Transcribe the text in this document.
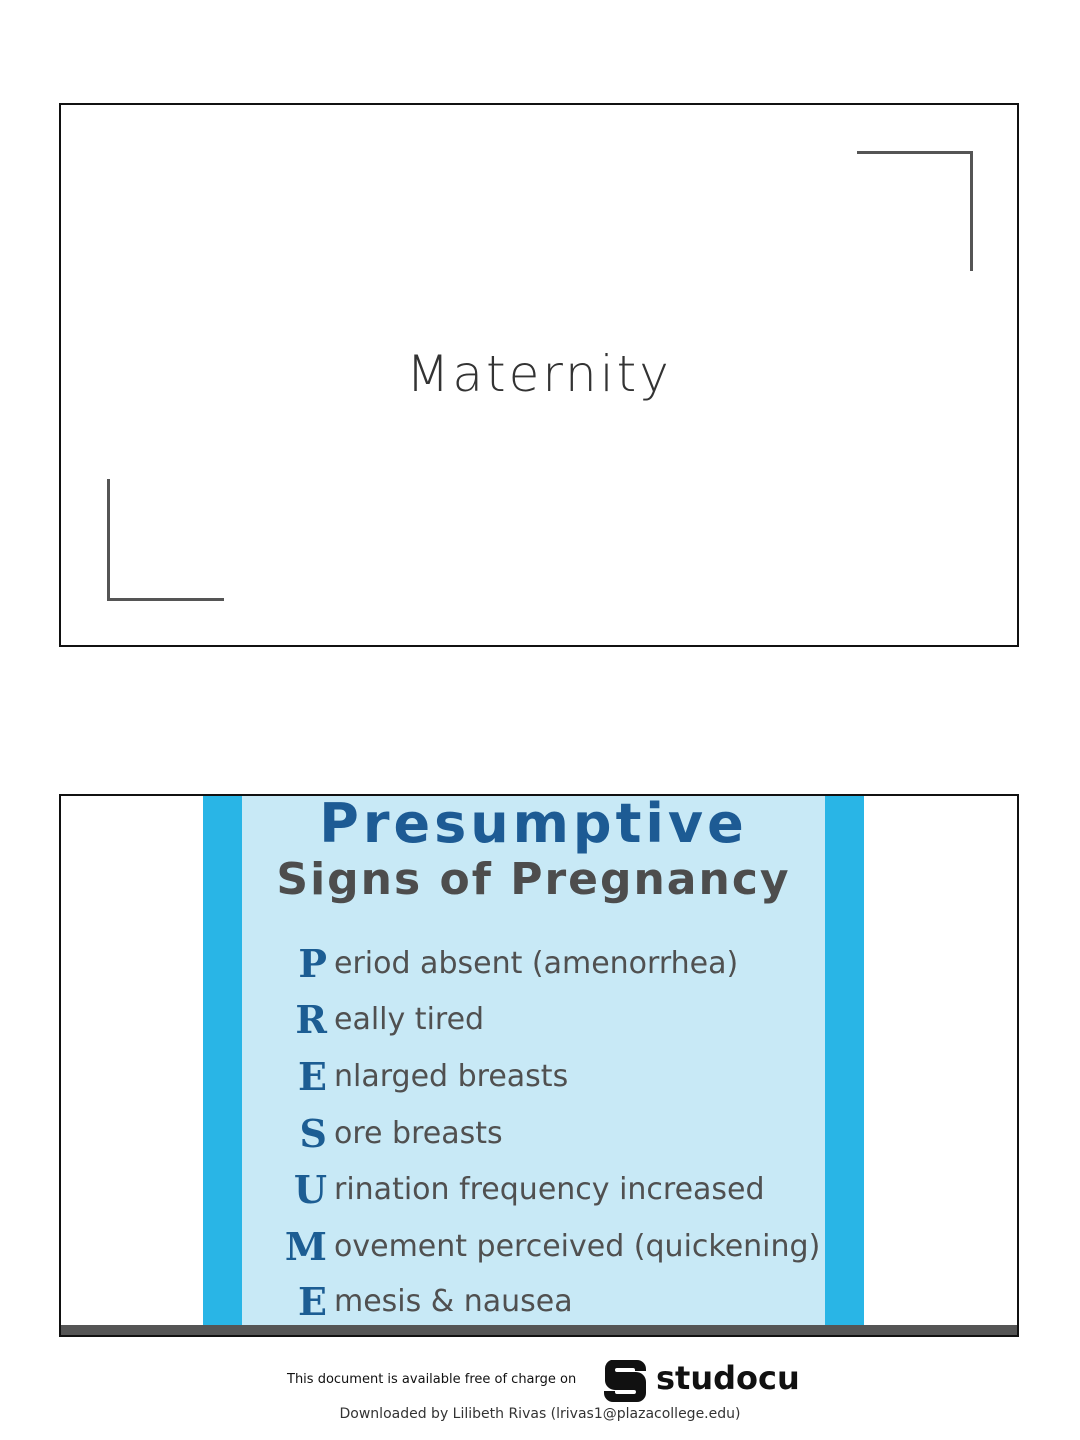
Maternity
Presumptive
Signs of Pregnancy
P eriod absent (amenorrhea)
R eally tired
E nlarged breasts
S ore breasts
U rination frequency increased
M ovement perceived (quickening)
E mesis & nausea
This document is available free of charge on studocu
Downloaded by Lilibeth Rivas (lrivas1@plazacollege.edu)
